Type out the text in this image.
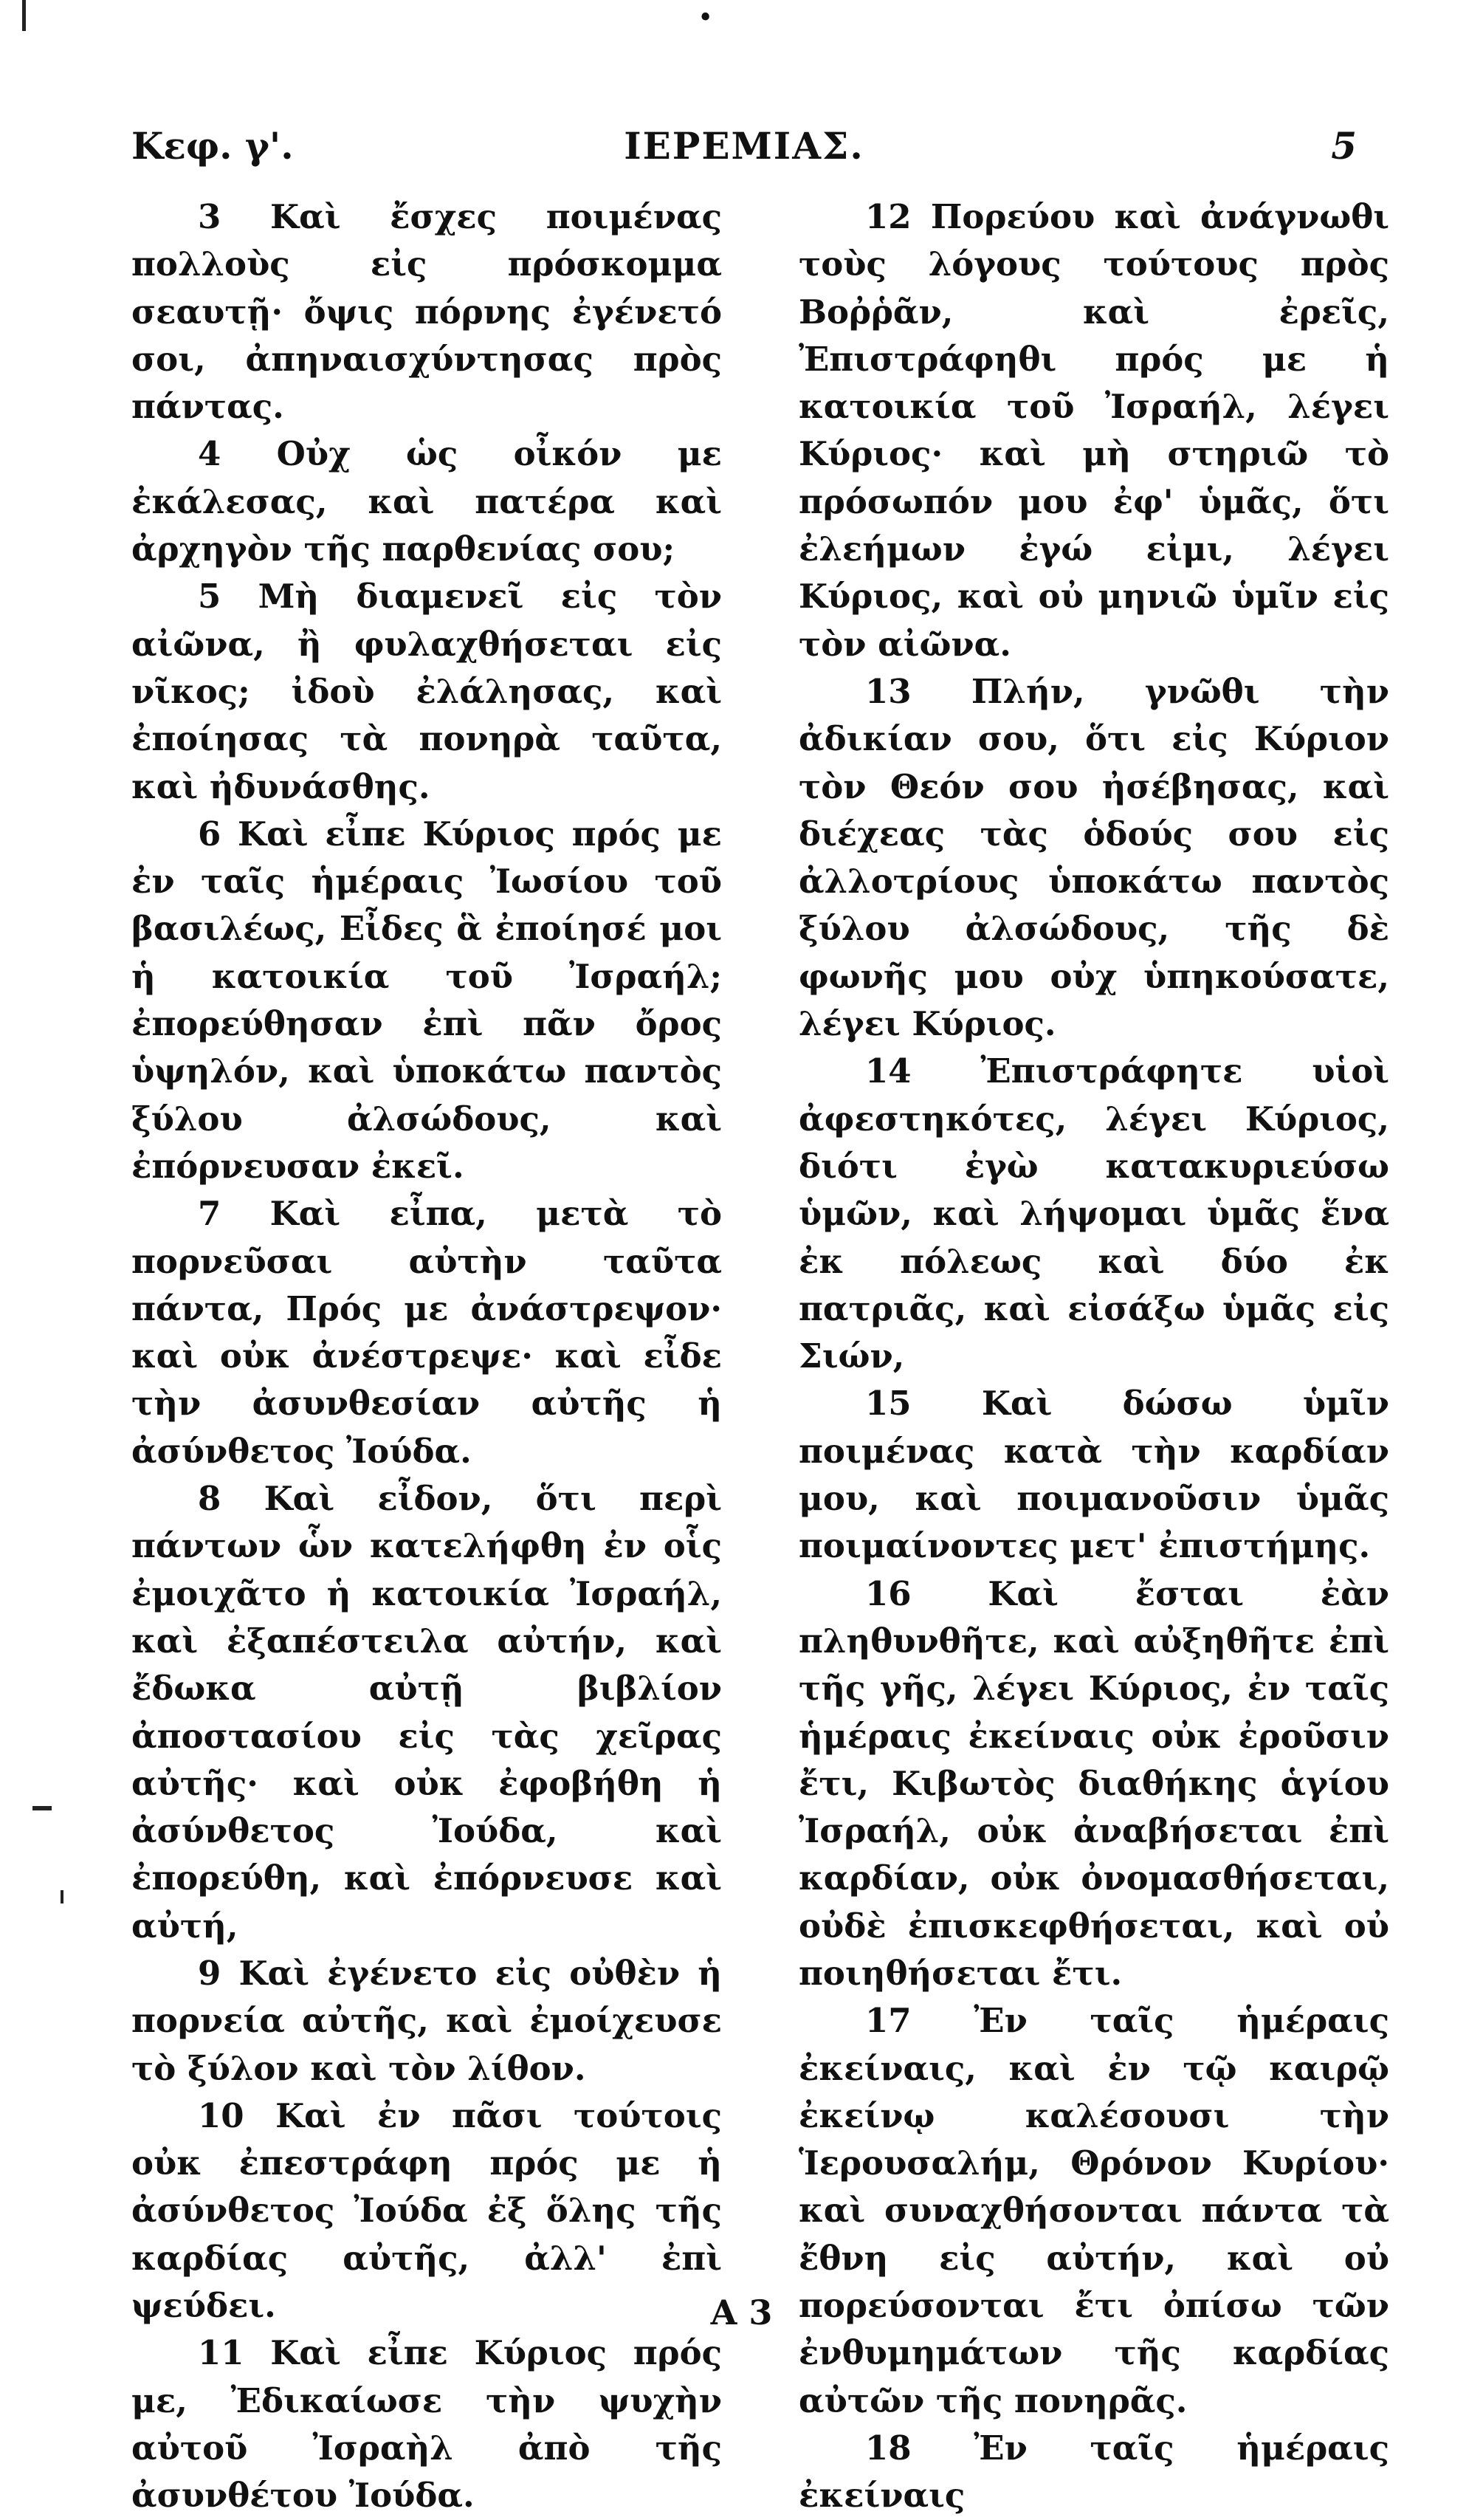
•
Κεφ. γ'.	ΙΕΡΕΜΙΑΣ.	5

3 Καὶ ἔσχες ποιμένας πολλοὺς εἰς πρόσκομμα σεαυτῇ· ὄψις πόρνης ἐγένετό σοι, ἀπηναισχύντησας πρὸς πάντας.

4 Οὐχ ὡς οἶκόν με ἐκάλεσας, καὶ πατέρα καὶ ἀρχηγὸν τῆς παρθενίας σου;

5 Μὴ διαμενεῖ εἰς τὸν αἰῶνα, ἢ φυλαχθήσεται εἰς νῖκος; ἰδοὺ ἐλάλησας, καὶ ἐποίησας τὰ πονηρὰ ταῦτα, καὶ ἠδυνάσθης.

6 Καὶ εἶπε Κύριος πρός με ἐν ταῖς ἡμέραις Ἰωσίου τοῦ βασιλέως, Εἶδες ἃ ἐποίησέ μοι ἡ κατοικία τοῦ Ἰσραήλ; ἐπορεύθησαν ἐπὶ πᾶν ὄρος ὑψηλόν, καὶ ὑποκάτω παντὸς ξύλου ἀλσώδους, καὶ ἐπόρνευσαν ἐκεῖ.

7 Καὶ εἶπα, μετὰ τὸ πορνεῦσαι αὐτὴν ταῦτα πάντα, Πρός με ἀνάστρεψον· καὶ οὐκ ἀνέστρεψε· καὶ εἶδε τὴν ἀσυνθεσίαν αὐτῆς ἡ ἀσύνθετος Ἰούδα.

8 Καὶ εἶδον, ὅτι περὶ πάντων ὧν κατελήφθη ἐν οἷς ἐμοιχᾶτο ἡ κατοικία Ἰσραήλ, καὶ ἐξαπέστειλα αὐτήν, καὶ ἔδωκα αὐτῇ βιβλίον ἀποστασίου εἰς τὰς χεῖρας αὐτῆς· καὶ οὐκ ἐφοβήθη ἡ ἀσύνθετος Ἰούδα, καὶ ἐπορεύθη, καὶ ἐπόρνευσε καὶ αὐτή,

9 Καὶ ἐγένετο εἰς οὐθὲν ἡ πορνεία αὐτῆς, καὶ ἐμοίχευσε τὸ ξύλον καὶ τὸν λίθον.

10 Καὶ ἐν πᾶσι τούτοις οὐκ ἐπεστράφη πρός με ἡ ἀσύνθετος Ἰούδα ἐξ ὅλης τῆς καρδίας αὐτῆς, ἀλλ' ἐπὶ ψεύδει.

11 Καὶ εἶπε Κύριος πρός με, Ἐδικαίωσε τὴν ψυχὴν αὐτοῦ Ἰσραὴλ ἀπὸ τῆς ἀσυνθέτου Ἰούδα.

12 Πορεύου καὶ ἀνάγνωθι τοὺς λόγους τούτους πρὸς Βοῤῥᾶν, καὶ ἐρεῖς, Ἐπιστράφηθι πρός με ἡ κατοικία τοῦ Ἰσραήλ, λέγει Κύριος· καὶ μὴ στηριῶ τὸ πρόσωπόν μου ἐφ' ὑμᾶς, ὅτι ἐλεήμων ἐγώ εἰμι, λέγει Κύριος, καὶ οὐ μηνιῶ ὑμῖν εἰς τὸν αἰῶνα.

13 Πλήν, γνῶθι τὴν ἀδικίαν σου, ὅτι εἰς Κύριον τὸν Θεόν σου ἠσέβησας, καὶ διέχεας τὰς ὁδούς σου εἰς ἀλλοτρίους ὑποκάτω παντὸς ξύλου ἀλσώδους, τῆς δὲ φωνῆς μου οὐχ ὑπηκούσατε, λέγει Κύριος.

14 Ἐπιστράφητε υἱοὶ ἀφεστηκότες, λέγει Κύριος, διότι ἐγὼ κατακυριεύσω ὑμῶν, καὶ λήψομαι ὑμᾶς ἕνα ἐκ πόλεως καὶ δύο ἐκ πατριᾶς, καὶ εἰσάξω ὑμᾶς εἰς Σιών,

15 Καὶ δώσω ὑμῖν ποιμένας κατὰ τὴν καρδίαν μου, καὶ ποιμανοῦσιν ὑμᾶς ποιμαίνοντες μετ' ἐπιστήμης.

16 Καὶ ἔσται ἐὰν πληθυνθῆτε, καὶ αὐξηθῆτε ἐπὶ τῆς γῆς, λέγει Κύριος, ἐν ταῖς ἡμέραις ἐκείναις οὐκ ἐροῦσιν ἔτι, Κιβωτὸς διαθήκης ἁγίου Ἰσραήλ, οὐκ ἀναβήσεται ἐπὶ καρδίαν, οὐκ ὀνομασθήσεται, οὐδὲ ἐπισκεφθήσεται, καὶ οὐ ποιηθήσεται ἔτι.

17 Ἐν ταῖς ἡμέραις ἐκείναις, καὶ ἐν τῷ καιρῷ ἐκείνῳ καλέσουσι τὴν Ἱερουσαλήμ, Θρόνον Κυρίου· καὶ συναχθήσονται πάντα τὰ ἔθνη εἰς αὐτήν, καὶ οὐ πορεύσονται ἔτι ὀπίσω τῶν ἐνθυμημάτων τῆς καρδίας αὐτῶν τῆς πονηρᾶς.

18 Ἐν ταῖς ἡμέραις ἐκείναις

A 3
